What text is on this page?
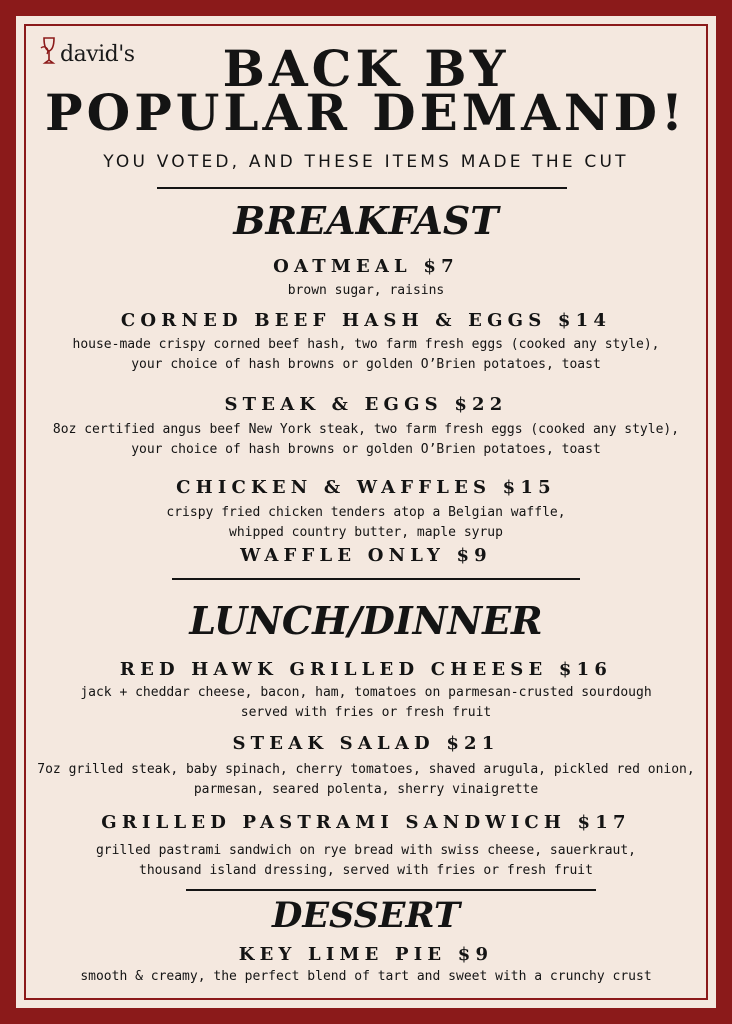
david's	BACK BY
POPULAR DEMAND!
YOU VOTED, AND THESE ITEMS MADE THE CUT
BREAKFAST
OATMEAL $7
brown sugar, raisins
CORNED BEEF HASH & EGGS $14
house-made crispy corned beef hash, two farm fresh eggs (cooked any style),
your choice of hash browns or golden O’Brien potatoes, toast
STEAK & EGGS $22
8oz certified angus beef New York steak, two farm fresh eggs (cooked any style),
your choice of hash browns or golden O’Brien potatoes, toast
CHICKEN & WAFFLES $15
crispy fried chicken tenders atop a Belgian waffle,
whipped country butter, maple syrup
WAFFLE ONLY $9
LUNCH/DINNER
RED HAWK GRILLED CHEESE $16
jack + cheddar cheese, bacon, ham, tomatoes on parmesan-crusted sourdough
served with fries or fresh fruit
STEAK SALAD $21
7oz grilled steak, baby spinach, cherry tomatoes, shaved arugula, pickled red onion,
parmesan, seared polenta, sherry vinaigrette
GRILLED PASTRAMI SANDWICH $17
grilled pastrami sandwich on rye bread with swiss cheese, sauerkraut,
thousand island dressing, served with fries or fresh fruit
DESSERT
KEY LIME PIE $9
smooth & creamy, the perfect blend of tart and sweet with a crunchy crust
